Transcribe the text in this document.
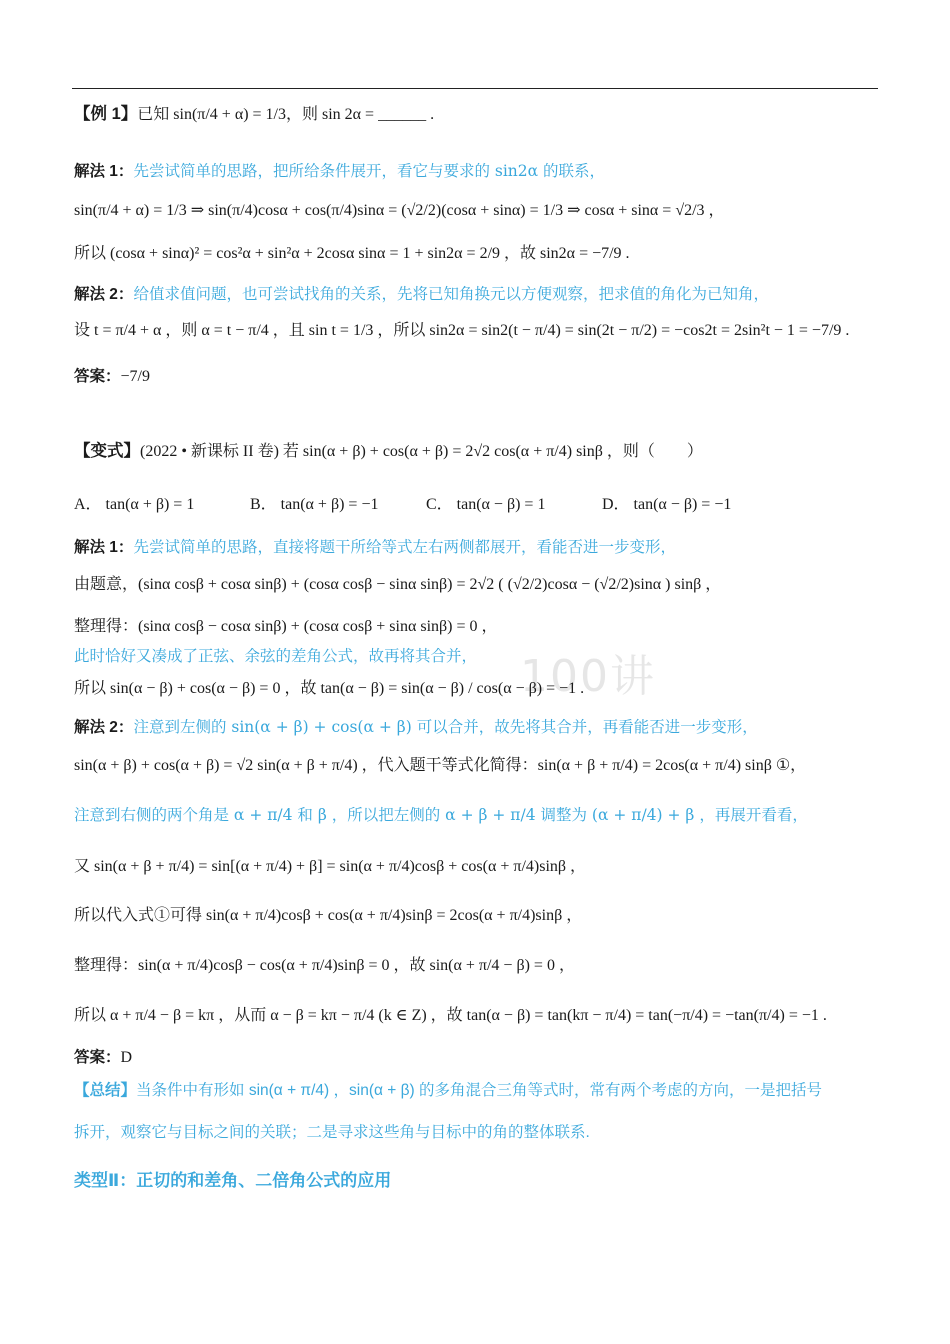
100讲
【例 1】已知 sin(π/4 + α) = 1/3，则 sin 2α = ______ .
解法 1：先尝试简单的思路，把所给条件展开，看它与要求的 sin2α 的联系，
sin(π/4 + α) = 1/3 ⇒ sin(π/4)cosα + cos(π/4)sinα = (√2/2)(cosα + sinα) = 1/3 ⇒ cosα + sinα = √2/3 ，
所以 (cosα + sinα)² = cos²α + sin²α + 2cosα sinα = 1 + sin2α = 2/9 ，故 sin2α = −7/9 .
解法 2：给值求值问题，也可尝试找角的关系，先将已知角换元以方便观察，把求值的角化为已知角，
设 t = π/4 + α ，则 α = t − π/4 ，且 sin t = 1/3 ，所以 sin2α = sin2(t − π/4) = sin(2t − π/2) = −cos2t = 2sin²t − 1 = −7/9 .
答案：−7/9
【变式】(2022 • 新课标 II 卷) 若 sin(α + β) + cos(α + β) = 2√2 cos(α + π/4) sinβ ，则（　　）
A． tan(α + β) = 1	B． tan(α + β) = −1	C． tan(α − β) = 1	D． tan(α − β) = −1
解法 1：先尝试简单的思路，直接将题干所给等式左右两侧都展开，看能否进一步变形，
由题意，(sinα cosβ + cosα sinβ) + (cosα cosβ − sinα sinβ) = 2√2 ( (√2/2)cosα − (√2/2)sinα ) sinβ ，
整理得：(sinα cosβ − cosα sinβ) + (cosα cosβ + sinα sinβ) = 0 ，
此时恰好又凑成了正弦、余弦的差角公式，故再将其合并，
所以 sin(α − β) + cos(α − β) = 0 ，故 tan(α − β) = sin(α − β) / cos(α − β) = −1 .
解法 2：注意到左侧的 sin(α + β) + cos(α + β) 可以合并，故先将其合并，再看能否进一步变形，
sin(α + β) + cos(α + β) = √2 sin(α + β + π/4) ，代入题干等式化简得：sin(α + β + π/4) = 2cos(α + π/4) sinβ ①，
注意到右侧的两个角是 α + π/4 和 β ，所以把左侧的 α + β + π/4 调整为 (α + π/4) + β ，再展开看看，
又 sin(α + β + π/4) = sin[(α + π/4) + β] = sin(α + π/4)cosβ + cos(α + π/4)sinβ ，
所以代入式①可得 sin(α + π/4)cosβ + cos(α + π/4)sinβ = 2cos(α + π/4)sinβ ，
整理得：sin(α + π/4)cosβ − cos(α + π/4)sinβ = 0 ，故 sin(α + π/4 − β) = 0 ，
所以 α + π/4 − β = kπ ，从而 α − β = kπ − π/4 (k ∈ Z) ，故 tan(α − β) = tan(kπ − π/4) = tan(−π/4) = −tan(π/4) = −1 .
答案：D
【总结】当条件中有形如 sin(α + π/4) ，sin(α + β) 的多角混合三角等式时，常有两个考虑的方向，一是把括号
拆开，观察它与目标之间的关联；二是寻求这些角与目标中的角的整体联系.
类型Ⅱ：正切的和差角、二倍角公式的应用
